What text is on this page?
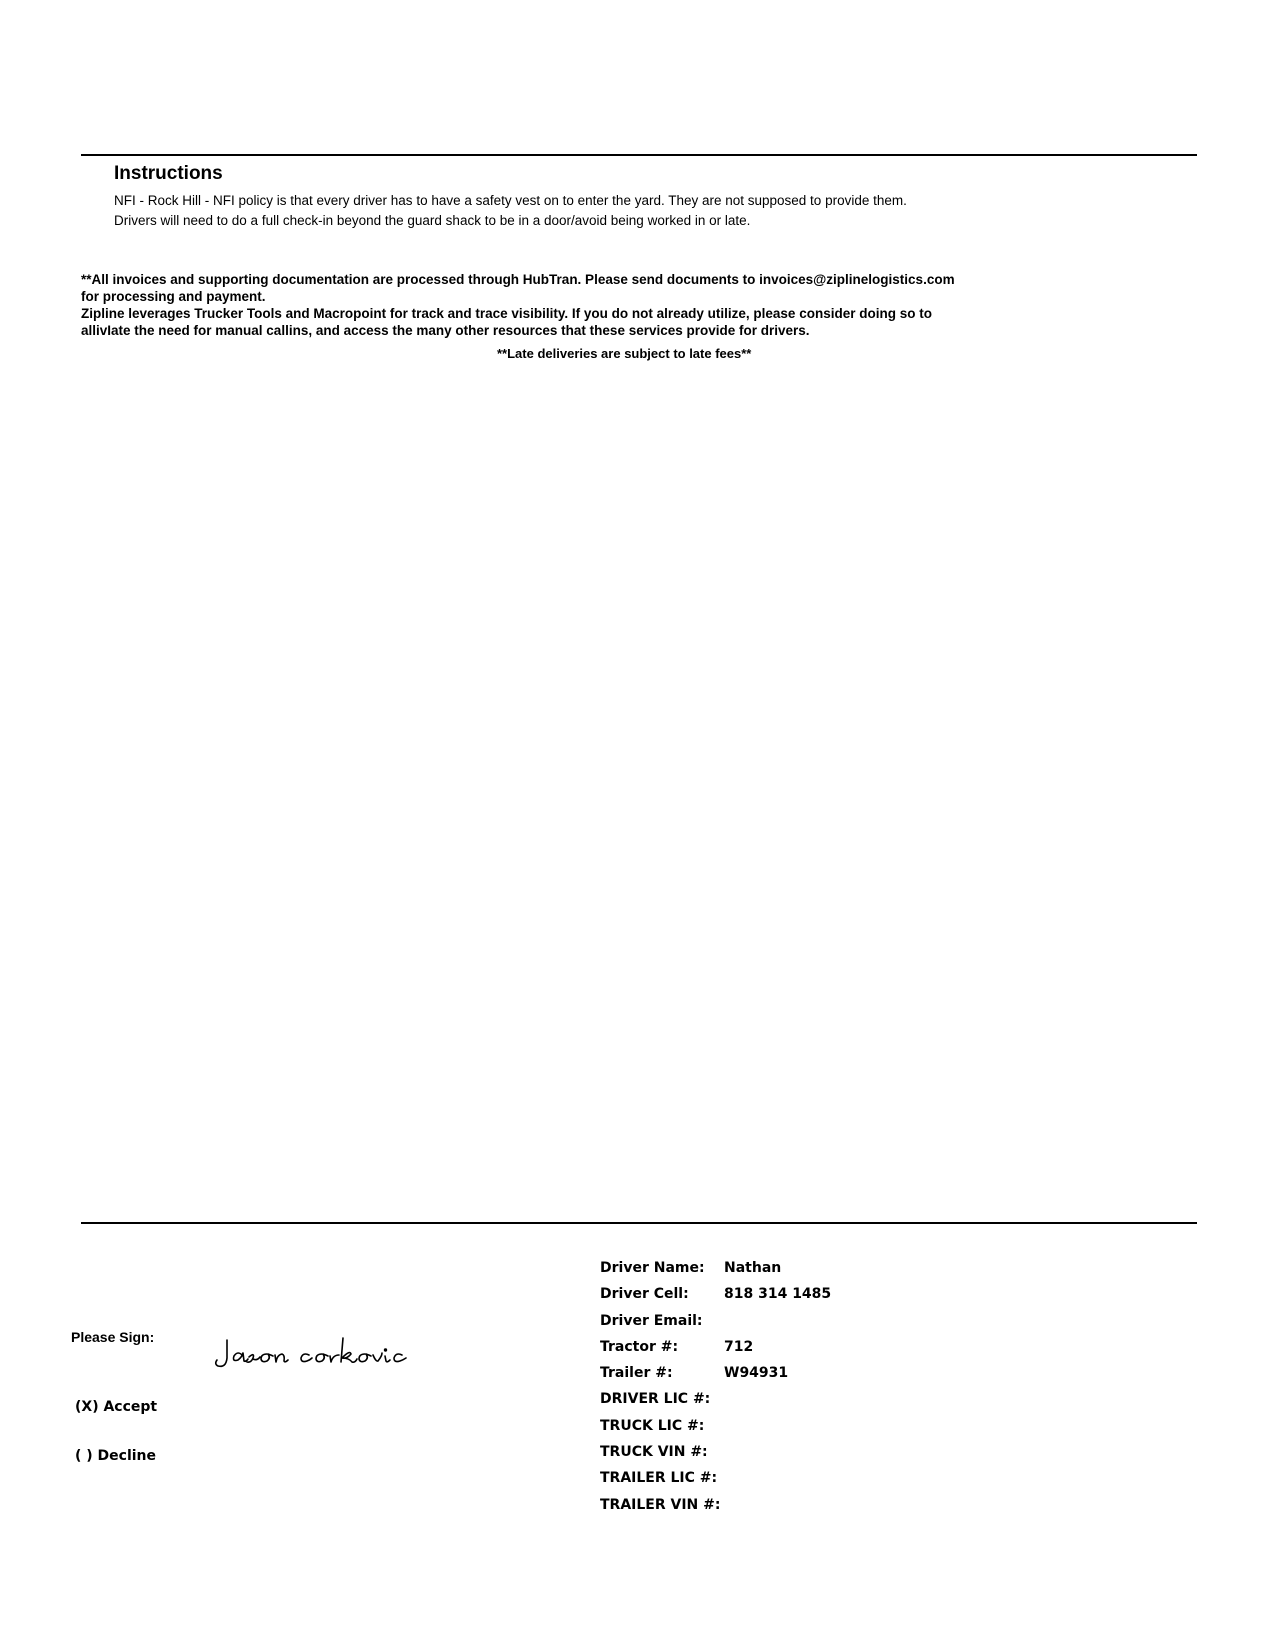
Instructions
NFI - Rock Hill - NFI policy is that every driver has to have a safety vest on to enter the yard. They are not supposed to provide them.
Drivers will need to do a full check-in beyond the guard shack to be in a door/avoid being worked in or late.
**All invoices and supporting documentation are processed through HubTran. Please send documents to invoices@ziplinelogistics.com
for processing and payment.
Zipline leverages Trucker Tools and Macropoint for track and trace visibility. If you do not already utilize, please consider doing so to
allivIate the need for manual callins, and access the many other resources that these services provide for drivers.
**Late deliveries are subject to late fees**
Please Sign:
Jason corkovic
(X) Accept
( ) Decline
Driver Name: Nathan
Driver Cell:	818 314 1485
Driver Email:
Tractor #:	712
Trailer #:	W94931
DRIVER LIC #:
TRUCK LIC #:
TRUCK VIN #:
TRAILER LIC #:
TRAILER VIN #:
